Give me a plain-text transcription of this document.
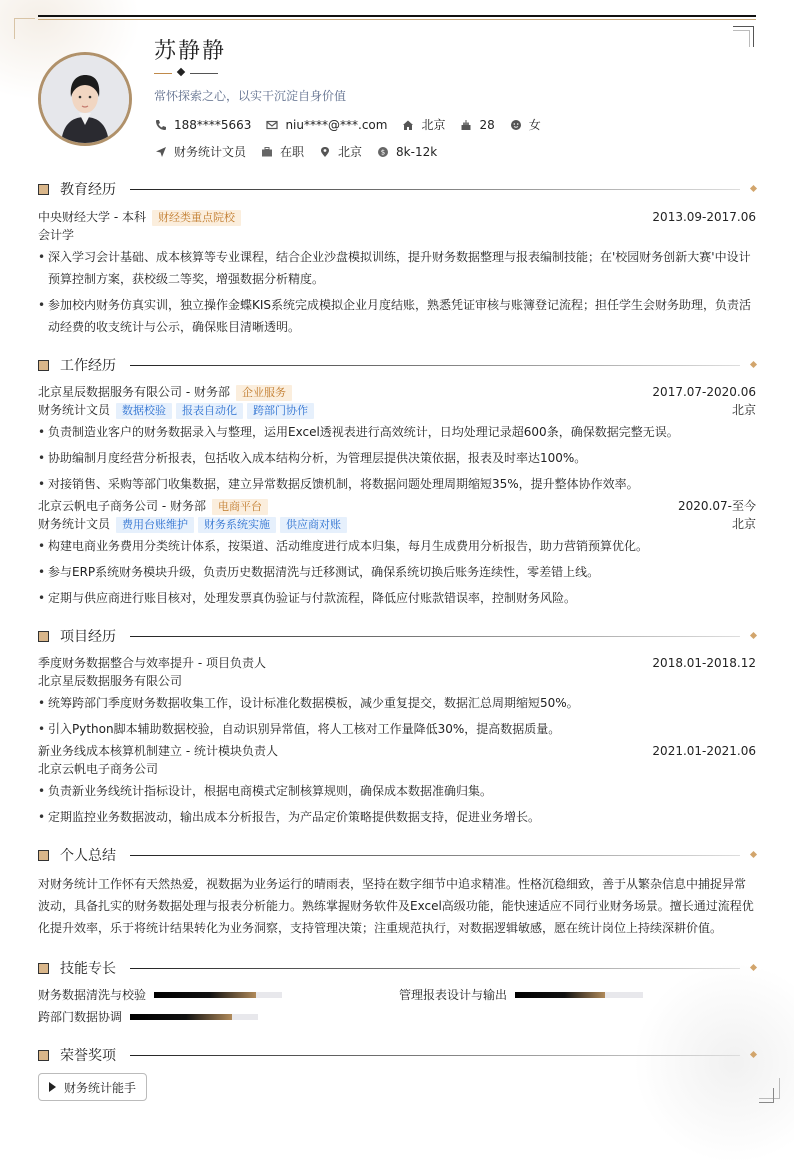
苏静静
常怀探索之心，以实干沉淀自身价值
188****5663	niu****@***.com	北京	28	女
财务统计文员	在职	北京	$ 8k-12k
教育经历
中央财经大学 - 本科 财经类重点院校	2013.09-2017.06
会计学
• 深入学习会计基础、成本核算等专业课程，结合企业沙盘模拟训练，提升财务数据整理与报表编制技能；在'校园财务创新大赛'中设计预算控制方案，获校级二等奖，增强数据分析精度。
• 参加校内财务仿真实训，独立操作金蝶KIS系统完成模拟企业月度结账，熟悉凭证审核与账簿登记流程；担任学生会财务助理，负责活动经费的收支统计与公示，确保账目清晰透明。
工作经历
北京星辰数据服务有限公司 - 财务部 企业服务	2017.07-2020.06
财务统计文员 数据校验 报表自动化 跨部门协作	北京
• 负责制造业客户的财务数据录入与整理，运用Excel透视表进行高效统计，日均处理记录超600条，确保数据完整无误。
• 协助编制月度经营分析报表，包括收入成本结构分析，为管理层提供决策依据，报表及时率达100%。
• 对接销售、采购等部门收集数据，建立异常数据反馈机制，将数据问题处理周期缩短35%，提升整体协作效率。
北京云帆电子商务公司 - 财务部 电商平台	2020.07-至今
财务统计文员 费用台账维护 财务系统实施 供应商对账	北京
• 构建电商业务费用分类统计体系，按渠道、活动维度进行成本归集，每月生成费用分析报告，助力营销预算优化。
• 参与ERP系统财务模块升级，负责历史数据清洗与迁移测试，确保系统切换后账务连续性，零差错上线。
• 定期与供应商进行账目核对，处理发票真伪验证与付款流程，降低应付账款错误率，控制财务风险。
项目经历
季度财务数据整合与效率提升 - 项目负责人	2018.01-2018.12
北京星辰数据服务有限公司
• 统筹跨部门季度财务数据收集工作，设计标准化数据模板，减少重复提交，数据汇总周期缩短50%。
• 引入Python脚本辅助数据校验，自动识别异常值，将人工核对工作量降低30%，提高数据质量。
新业务线成本核算机制建立 - 统计模块负责人	2021.01-2021.06
北京云帆电子商务公司
• 负责新业务线统计指标设计，根据电商模式定制核算规则，确保成本数据准确归集。
• 定期监控业务数据波动，输出成本分析报告，为产品定价策略提供数据支持，促进业务增长。
个人总结
对财务统计工作怀有天然热爱，视数据为业务运行的晴雨表，坚持在数字细节中追求精准。性格沉稳细致，善于从繁杂信息中捕捉异常波动，具备扎实的财务数据处理与报表分析能力。熟练掌握财务软件及Excel高级功能，能快速适应不同行业财务场景。擅长通过流程优化提升效率，乐于将统计结果转化为业务洞察，支持管理决策；注重规范执行，对数据逻辑敏感，愿在统计岗位上持续深耕价值。
技能专长
财务数据清洗与校验	管理报表设计与输出
跨部门数据协调
荣誉奖项
财务统计能手
